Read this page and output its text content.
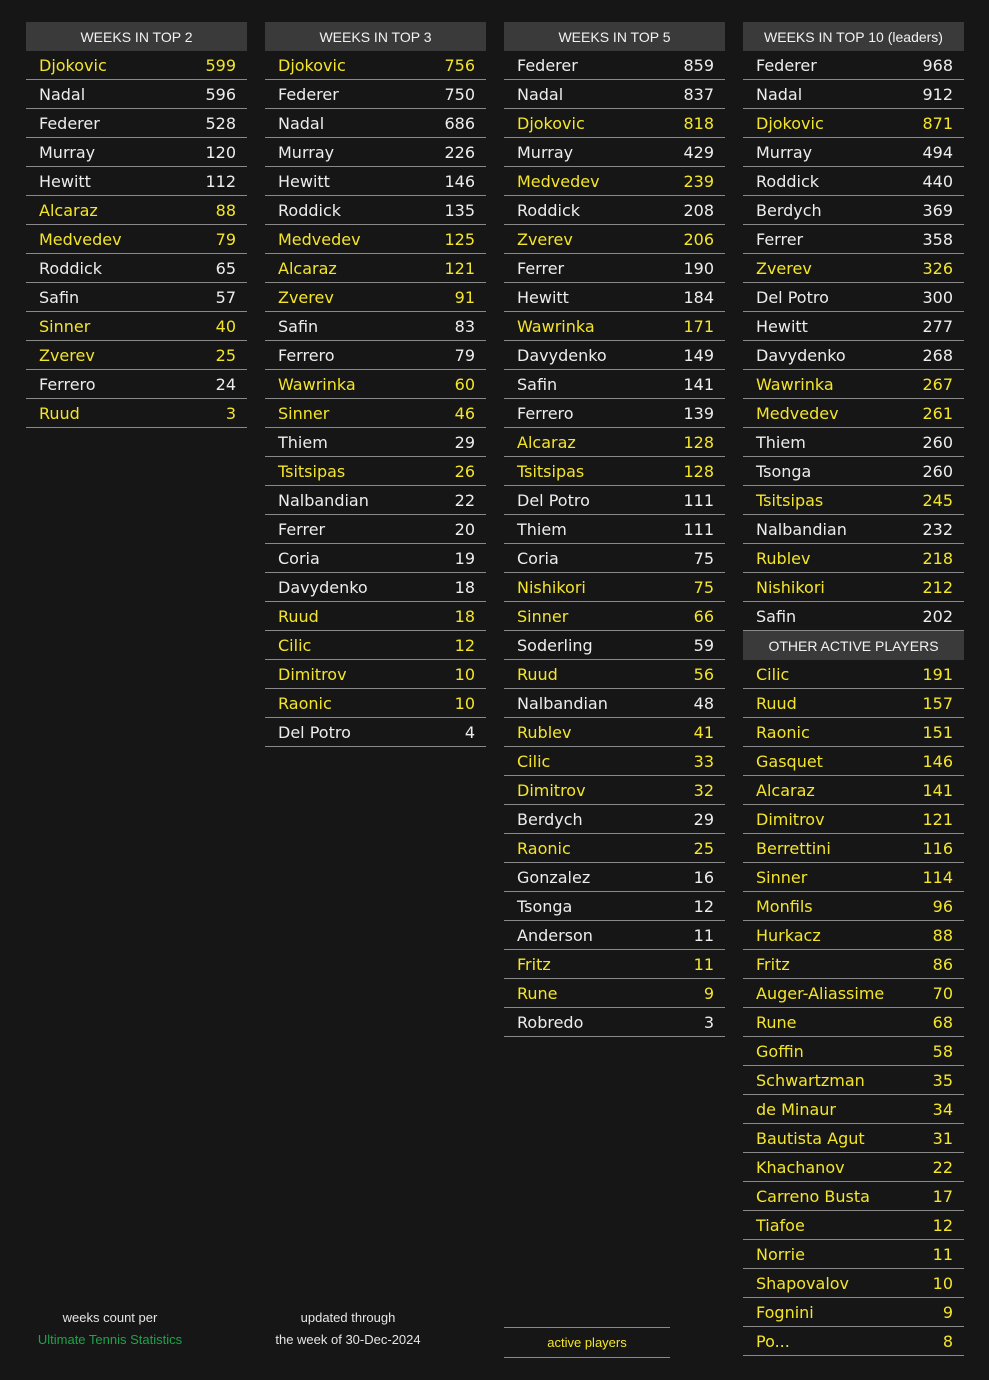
WEEKS IN TOP 2
Djokovic	599
Nadal	596
Federer	528
Murray	120
Hewitt	112
Alcaraz	88
Medvedev	79
Roddick	65
Safin	57
Sinner	40
Zverev	25
Ferrero	24
Ruud	3
WEEKS IN TOP 3
Djokovic	756
Federer	750
Nadal	686
Murray	226
Hewitt	146
Roddick	135
Medvedev	125
Alcaraz	121
Zverev	91
Safin	83
Ferrero	79
Wawrinka	60
Sinner	46
Thiem	29
Tsitsipas	26
Nalbandian	22
Ferrer	20
Coria	19
Davydenko	18
Ruud	18
Cilic	12
Dimitrov	10
Raonic	10
Del Potro	4
WEEKS IN TOP 5
Federer	859
Nadal	837
Djokovic	818
Murray	429
Medvedev	239
Roddick	208
Zverev	206
Ferrer	190
Hewitt	184
Wawrinka	171
Davydenko	149
Safin	141
Ferrero	139
Alcaraz	128
Tsitsipas	128
Del Potro	111
Thiem	111
Coria	75
Nishikori	75
Sinner	66
Soderling	59
Ruud	56
Nalbandian	48
Rublev	41
Cilic	33
Dimitrov	32
Berdych	29
Raonic	25
Gonzalez	16
Tsonga	12
Anderson	11
Fritz	11
Rune	9
Robredo	3
WEEKS IN TOP 10 (leaders)
Federer	968
Nadal	912
Djokovic	871
Murray	494
Roddick	440
Berdych	369
Ferrer	358
Zverev	326
Del Potro	300
Hewitt	277
Davydenko	268
Wawrinka	267
Medvedev	261
Thiem	260
Tsonga	260
Tsitsipas	245
Nalbandian	232
Rublev	218
Nishikori	212
Safin	202
OTHER ACTIVE PLAYERS
Cilic	191
Ruud	157
Raonic	151
Gasquet	146
Alcaraz	141
Dimitrov	121
Berrettini	116
Sinner	114
Monfils	96
Hurkacz	88
Fritz	86
Auger-Aliassime	70
Rune	68
Goffin	58
Schwartzman	35
de Minaur	34
Bautista Agut	31
Khachanov	22
Carreno Busta	17
Tiafoe	12
Norrie	11
Shapovalov	10
Fognini	9
Po...	8
weeks count per
Ultimate Tennis Statistics
updated through
the week of 30-Dec-2024	active players
